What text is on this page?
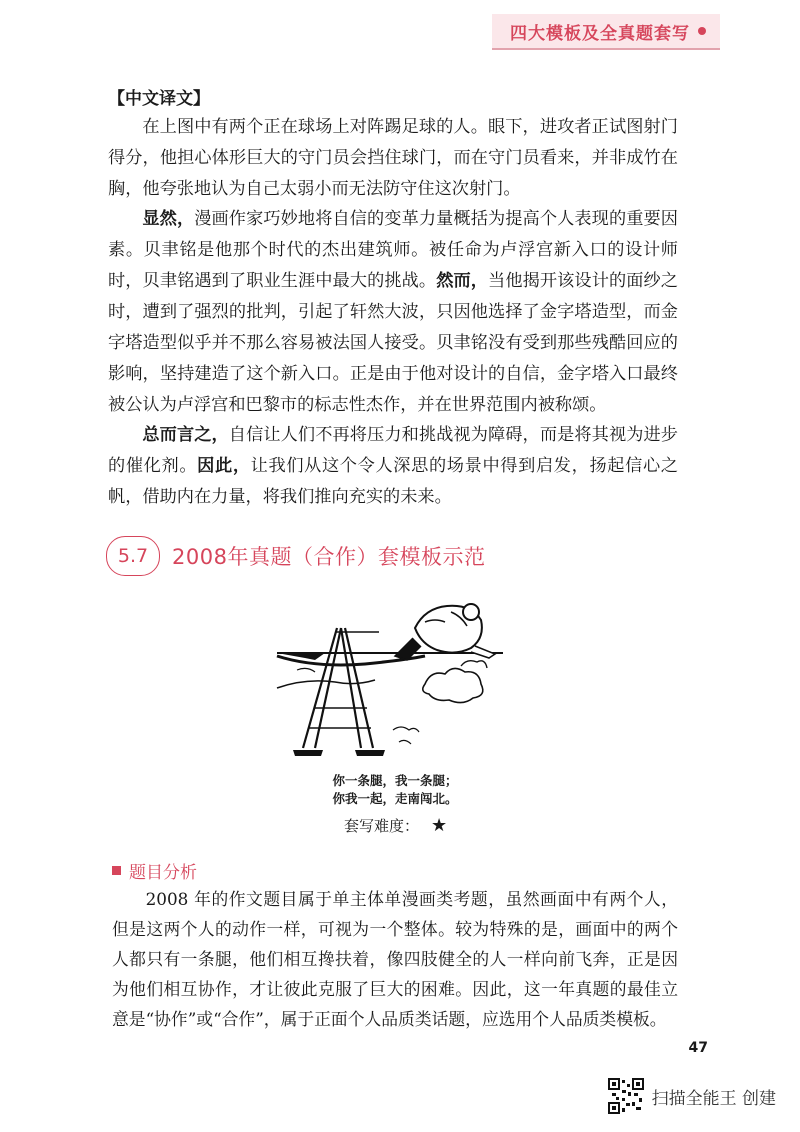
四大模板及全真题套写
【中文译文】

在上图中有两个正在球场上对阵踢足球的人。眼下，进攻者正试图射门得分，他担心体形巨大的守门员会挡住球门，而在守门员看来，并非成竹在胸，他夸张地认为自己太弱小而无法防守住这次射门。

显然，漫画作家巧妙地将自信的变革力量概括为提高个人表现的重要因素。贝聿铭是他那个时代的杰出建筑师。被任命为卢浮宫新入口的设计师时，贝聿铭遇到了职业生涯中最大的挑战。然而，当他揭开该设计的面纱之时，遭到了强烈的批判，引起了轩然大波，只因他选择了金字塔造型，而金字塔造型似乎并不那么容易被法国人接受。贝聿铭没有受到那些残酷回应的影响，坚持建造了这个新入口。正是由于他对设计的自信，金字塔入口最终被公认为卢浮宫和巴黎市的标志性杰作，并在世界范围内被称颂。

总而言之，自信让人们不再将压力和挑战视为障碍，而是将其视为进步的催化剂。因此，让我们从这个令人深思的场景中得到启发，扬起信心之帆，借助内在力量，将我们推向充实的未来。

5.7	2008年真题（合作）套模板示范
你一条腿，我一条腿；
你我一起，走南闯北。
套写难度： ★
题目分析

2008 年的作文题目属于单主体单漫画类考题，虽然画面中有两个人，但是这两个人的动作一样，可视为一个整体。较为特殊的是，画面中的两个人都只有一条腿，他们相互搀扶着，像四肢健全的人一样向前飞奔，正是因为他们相互协作，才让彼此克服了巨大的困难。因此，这一年真题的最佳立意是“协作”或“合作”，属于正面个人品质类话题，应选用个人品质类模板。

47
扫描全能王 创建
